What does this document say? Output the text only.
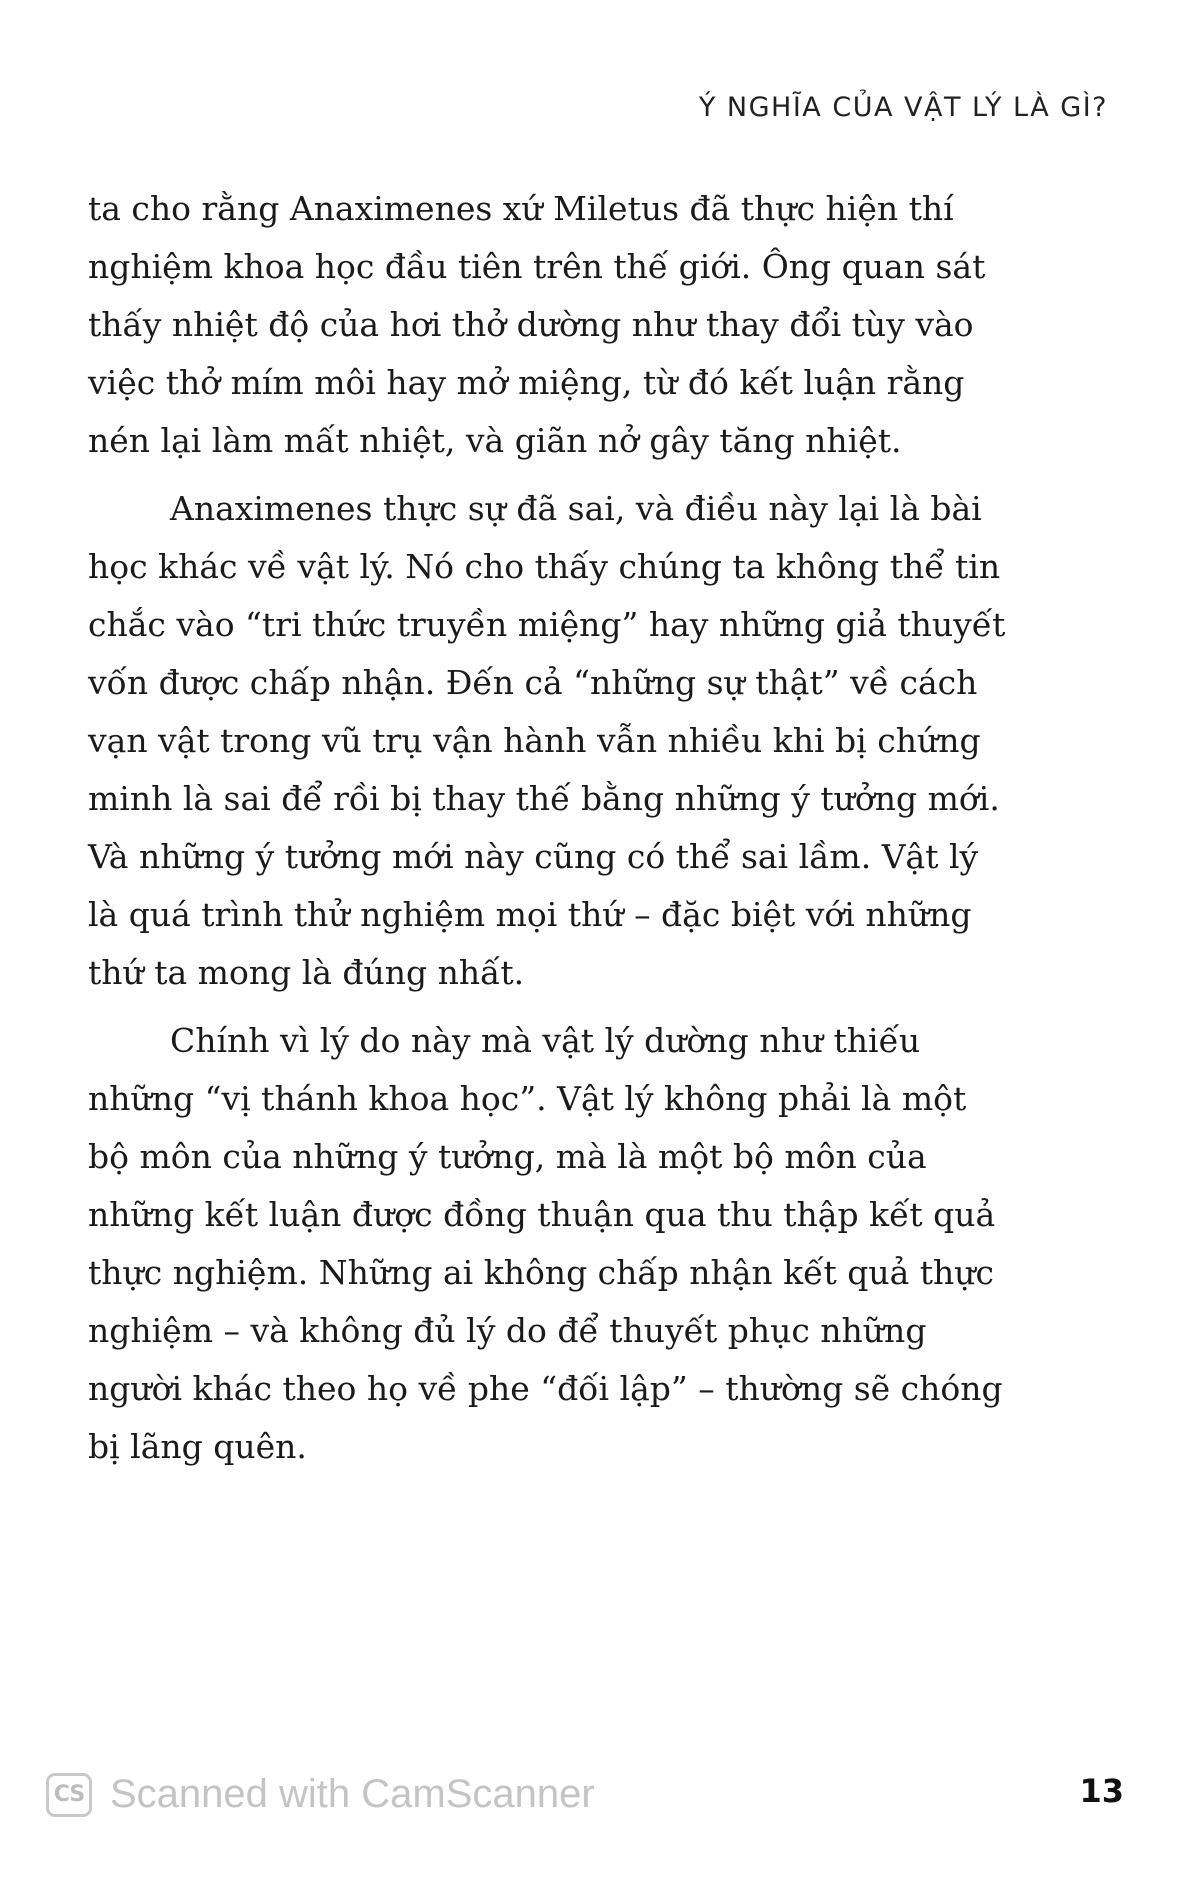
Ý NGHĨA CỦA VẬT LÝ LÀ GÌ?
ta cho rằng Anaximenes xứ Miletus đã thực hiện thí
nghiệm khoa học đầu tiên trên thế giới. Ông quan sát
thấy nhiệt độ của hơi thở dường như thay đổi tùy vào
việc thở mím môi hay mở miệng, từ đó kết luận rằng
nén lại làm mất nhiệt, và giãn nở gây tăng nhiệt.
Anaximenes thực sự đã sai, và điều này lại là bài
học khác về vật lý. Nó cho thấy chúng ta không thể tin
chắc vào “tri thức truyền miệng” hay những giả thuyết
vốn được chấp nhận. Đến cả “những sự thật” về cách
vạn vật trong vũ trụ vận hành vẫn nhiều khi bị chứng
minh là sai để rồi bị thay thế bằng những ý tưởng mới.
Và những ý tưởng mới này cũng có thể sai lầm. Vật lý
là quá trình thử nghiệm mọi thứ – đặc biệt với những
thứ ta mong là đúng nhất.
Chính vì lý do này mà vật lý dường như thiếu
những “vị thánh khoa học”. Vật lý không phải là một
bộ môn của những ý tưởng, mà là một bộ môn của
những kết luận được đồng thuận qua thu thập kết quả
thực nghiệm. Những ai không chấp nhận kết quả thực
nghiệm – và không đủ lý do để thuyết phục những
người khác theo họ về phe “đối lập” – thường sẽ chóng
bị lãng quên.
CS Scanned with CamScanner	13
